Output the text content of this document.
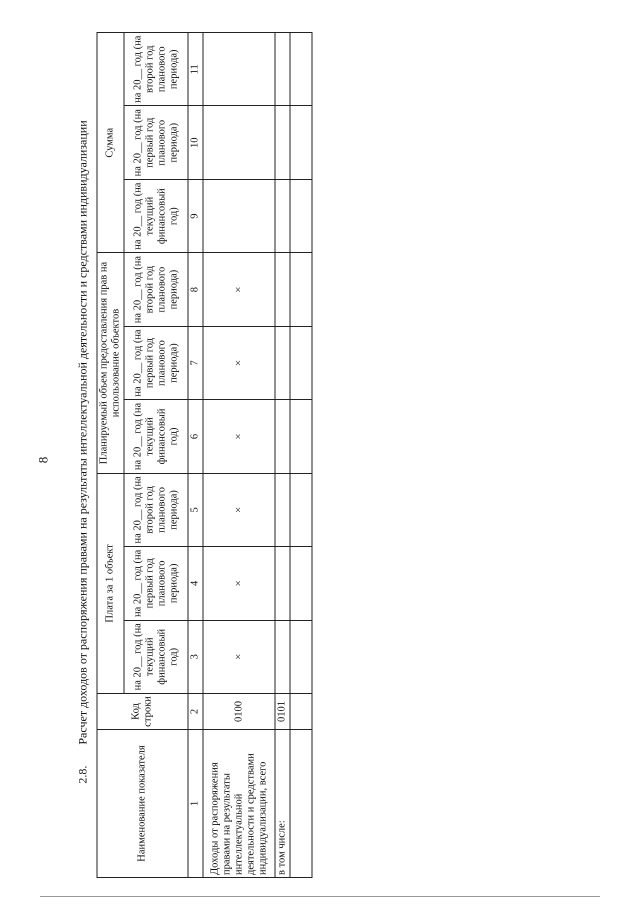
8
2.8. Расчет доходов от распоряжения правами на результаты интеллектуальной деятельности и средствами индивидуализации
Наименование показателя	Код строки	Плата за 1 объект			Планируемый объем предоставления прав на использование объектов			Сумма		
		на 20__ год (на текущий финансовый год)	на 20__ год (на первый год планового периода)	на 20__ год (на второй год планового периода)	на 20__ год (на текущий финансовый год)	на 20__ год (на первый год планового периода)	на 20__ год (на второй год планового периода)	на 20__ год (на текущий финансовый год)	на 20__ год (на первый год планового периода)	на 20__ год (на второй год планового периода)
1	2	3	4	5	6	7	8	9	10	11
Доходы от распоряжения правами на результаты интеллектуальной деятельности и средствами индивидуализации, всего	0100	×	×	×	×	×	×			
в том числе:	0101									
